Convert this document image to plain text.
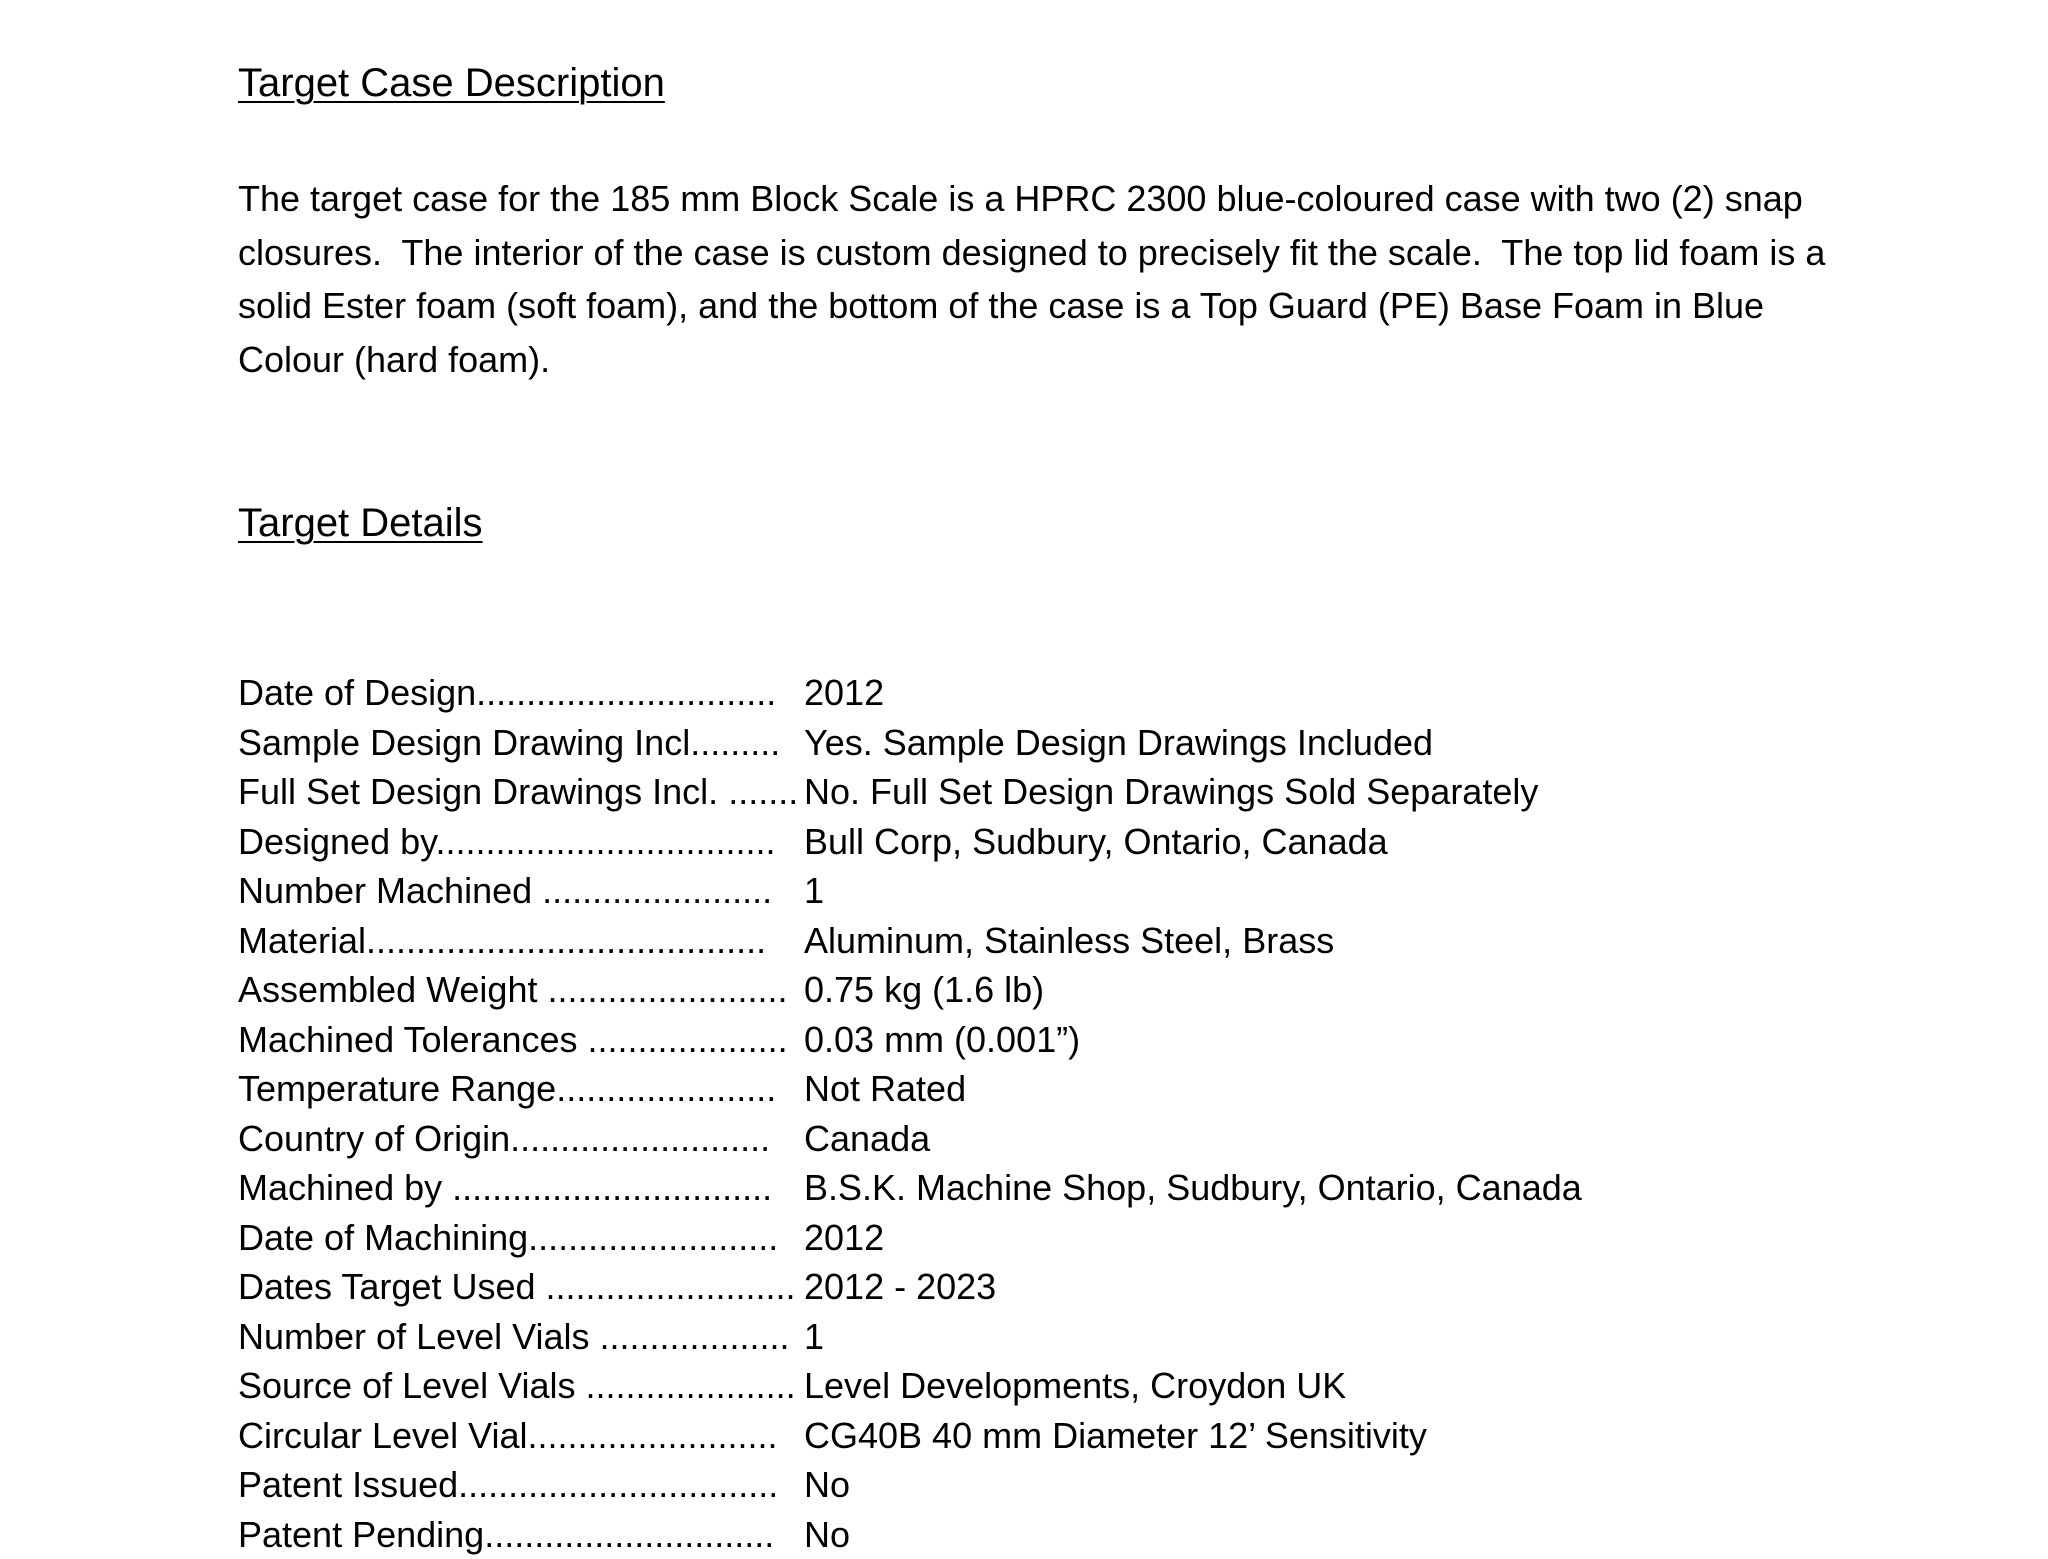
Target Case Description

The target case for the 185 mm Block Scale is a HPRC 2300 blue-coloured case with two (2) snap closures.  The interior of the case is custom designed to precisely fit the scale.  The top lid foam is a solid Ester foam (soft foam), and the bottom of the case is a Top Guard (PE) Base Foam in Blue Colour (hard foam).

Target Details
Date of Design.............................. 2012
Sample Design Drawing Incl......... Yes. Sample Design Drawings Included
Full Set Design Drawings Incl. ....... No. Full Set Design Drawings Sold Separately
Designed by.................................. Bull Corp, Sudbury, Ontario, Canada
Number Machined ....................... 1
Material........................................	Aluminum, Stainless Steel, Brass
Assembled Weight ........................ 0.75 kg (1.6 lb)
Machined Tolerances .................... 0.03 mm (0.001”)
Temperature Range...................... Not Rated
Country of Origin.......................... Canada
Machined by ................................ B.S.K. Machine Shop, Sudbury, Ontario, Canada
Date of Machining......................... 2012
Dates Target Used ......................... 2012 - 2023
Number of Level Vials ................... 1
Source of Level Vials ..................... Level Developments, Croydon UK
Circular Level Vial......................... CG40B 40 mm Diameter 12’ Sensitivity
Patent Issued................................ No
Patent Pending............................. No
